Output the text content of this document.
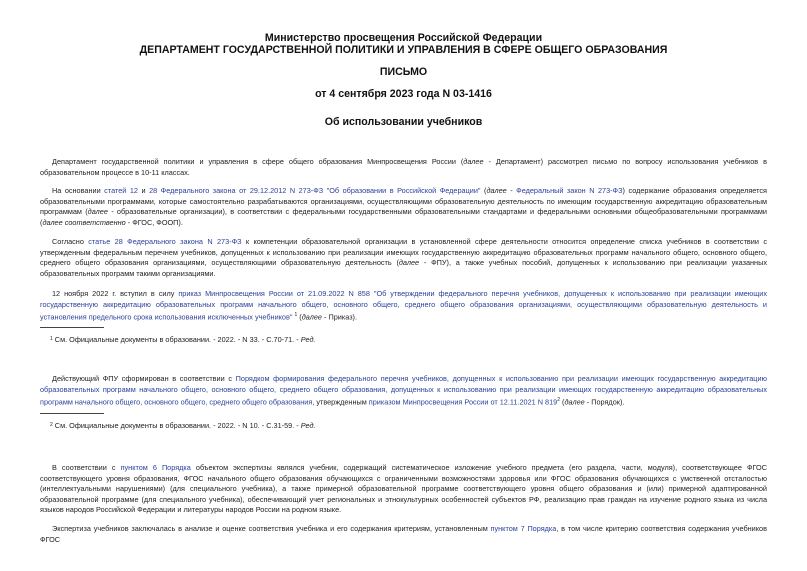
Министерство просвещения Российской Федерации
ДЕПАРТАМЕНТ ГОСУДАРСТВЕННОЙ ПОЛИТИКИ И УПРАВЛЕНИЯ В СФЕРЕ ОБЩЕГО ОБРАЗОВАНИЯ
ПИСЬМО
от 4 сентября 2023 года N 03-1416
Об использовании учебников
Департамент государственной политики и управления в сфере общего образования Минпросвещения России (далее - Департамент) рассмотрел письмо по вопросу использования учебников в образовательном процессе в 10-11 классах.
На основании статей 12 и 28 Федерального закона от 29.12.2012 N 273-ФЗ "Об образовании в Российской Федерации" (далее - Федеральный закон N 273-ФЗ) содержание образования определяется образовательными программами, которые самостоятельно разрабатываются организациями, осуществляющими образовательную деятельность по имеющим государственную аккредитацию образовательным программам (далее - образовательные организации), в соответствии с федеральными государственными образовательными стандартами и федеральными основными общеобразовательными программами (далее соответственно - ФГОС, ФООП).
Согласно статье 28 Федерального закона N 273-ФЗ к компетенции образовательной организации в установленной сфере деятельности относится определение списка учебников в соответствии с утвержденным федеральным перечнем учебников, допущенных к использованию при реализации имеющих государственную аккредитацию образовательных программ начального общего, основного общего, среднего общего образования организациями, осуществляющими образовательную деятельность (далее - ФПУ), а также учебных пособий, допущенных к использованию при реализации указанных образовательных программ такими организациями.
12 ноября 2022 г. вступил в силу приказ Минпросвещения России от 21.09.2022 N 858 "Об утверждении федерального перечня учебников, допущенных к использованию при реализации имеющих государственную аккредитацию образовательных программ начального общего, основного общего, среднего общего образования организациями, осуществляющими образовательную деятельность и установления предельного срока использования исключенных учебников" $^1$ (далее - Приказ).
$^1$ См. Официальные документы в образовании. - 2022. - N 33. - С.70-71. - Ред.
Действующий ФПУ сформирован в соответствии с Порядком формирования федерального перечня учебников, допущенных к использованию при реализации имеющих государственную аккредитацию образовательных программ начального общего, основного общего, среднего общего образования, допущенных к использованию при реализации имеющих государственную аккредитацию образовательных программ начального общего, основного общего, среднего общего образования, утвержденным приказом Минпросвещения России от 12.11.2021 N $819^2$ (далее - Порядок).
$^2$ См. Официальные документы в образовании. - 2022. - N 10. - С.31-59. - Ред.
В соответствии с пунктом 6 Порядка объектом экспертизы являлся учебник, содержащий систематическое изложение учебного предмета (его раздела, части, модуля), соответствующее ФГОС соответствующего уровня образования, ФГОС начального общего образования обучающихся с ограниченными возможностями здоровья или ФГОС образования обучающихся с умственной отсталостью (интеллектуальными нарушениями) (для специального учебника), а также примерной образовательной программе соответствующего уровня общего образования и (или) примерной адаптированной образовательной программе (для специального учебника), обеспечивающий учет региональных и этнокультурных особенностей субъектов РФ, реализацию прав граждан на изучение родного языка из числа языков народов Российской Федерации и литературы народов России на родном языке.
Экспертиза учебников заключалась в анализе и оценке соответствия учебника и его содержания критериям, установленным пунктом 7 Порядка, в том числе критерию соответствия содержания учебников ФГОС
